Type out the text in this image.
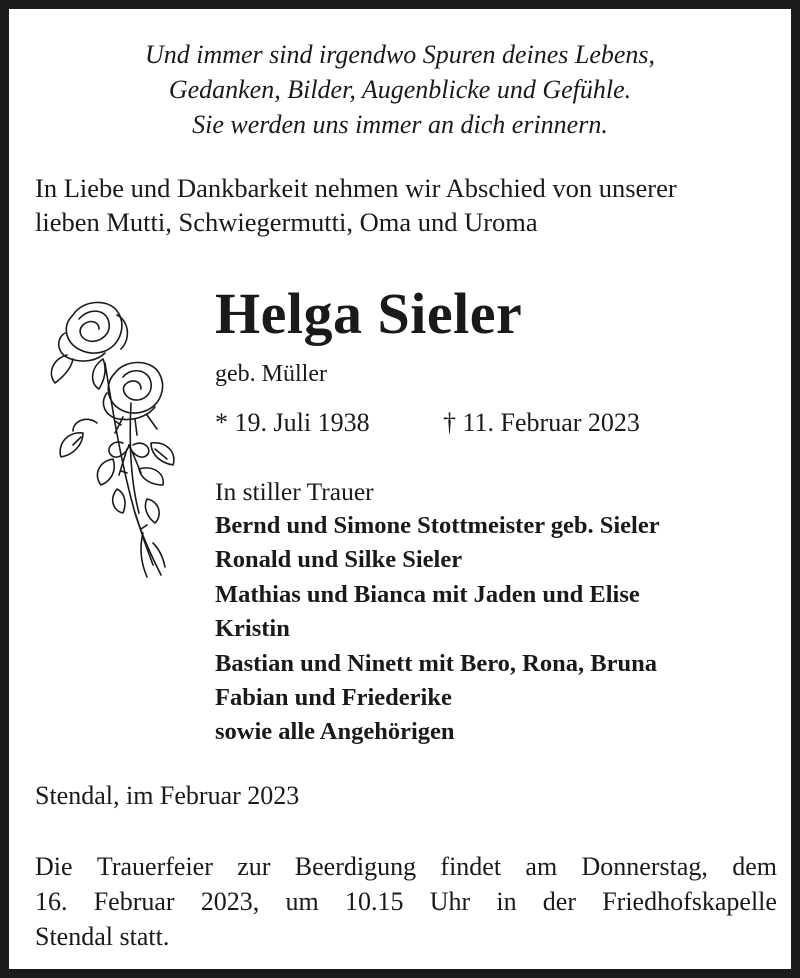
Und immer sind irgendwo Spuren deines Lebens,
Gedanken, Bilder, Augenblicke und Gefühle.
Sie werden uns immer an dich erinnern.
In Liebe und Dankbarkeit nehmen wir Abschied von unserer
lieben Mutti, Schwiegermutti, Oma und Uroma
Helga Sieler
geb. Müller
* 19. Juli 1938	† 11. Februar 2023
In stiller Trauer
Bernd und Simone Stottmeister geb. Sieler
Ronald und Silke Sieler
Mathias und Bianca mit Jaden und Elise
Kristin
Bastian und Ninett mit Bero, Rona, Bruna
Fabian und Friederike
sowie alle Angehörigen
Stendal, im Februar 2023
Die Trauerfeier zur Beerdigung findet am Donnerstag, dem
16. Februar 2023, um 10.15 Uhr in der Friedhofskapelle
Stendal statt.
